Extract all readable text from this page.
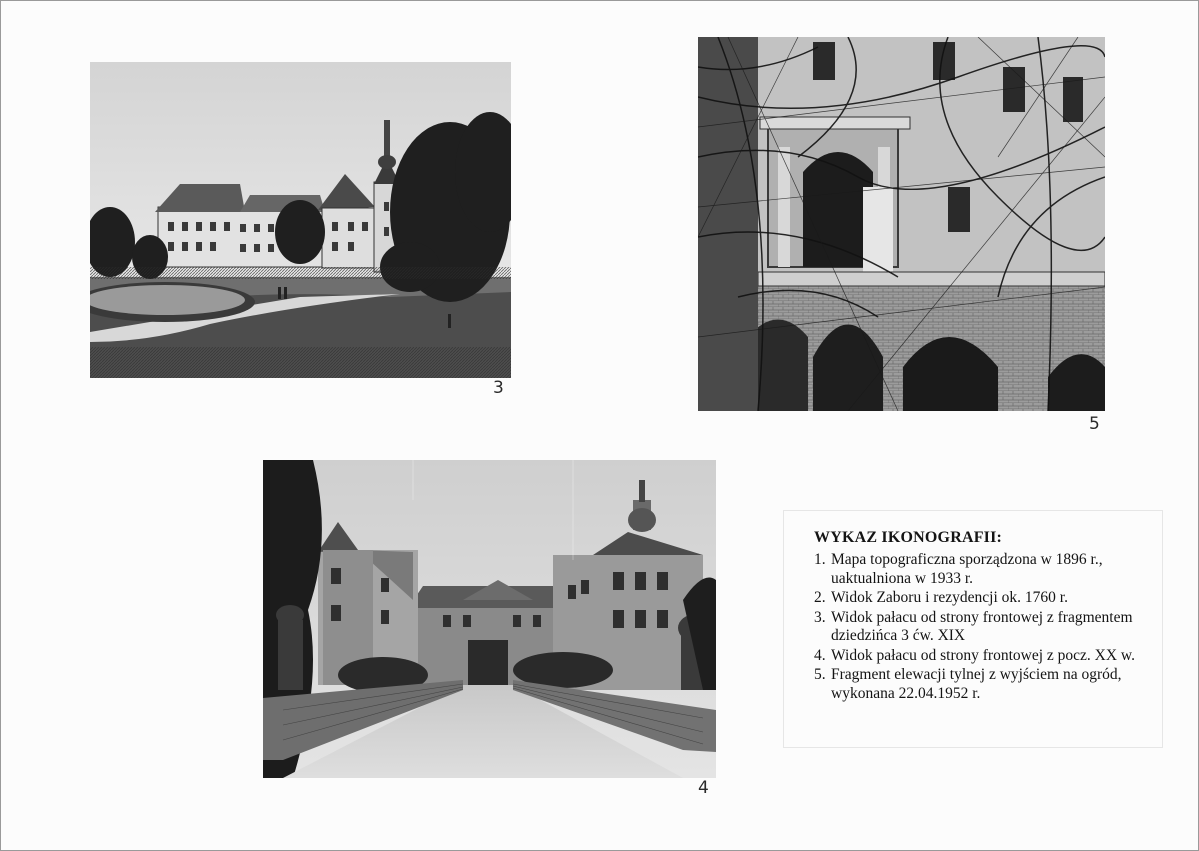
3
5
4
WYKAZ IKONOGRAFII:
1. Mapa topograficzna sporządzona w 1896 r., uaktualniona w 1933 r.
2. Widok Zaboru i rezydencji ok. 1760 r.
3. Widok pałacu od strony frontowej z fragmentem dziedzińca 3 ćw. XIX
4. Widok pałacu od strony frontowej z pocz. XX w.
5. Fragment elewacji tylnej z wyjściem na ogród, wykonana 22.04.1952 r.
